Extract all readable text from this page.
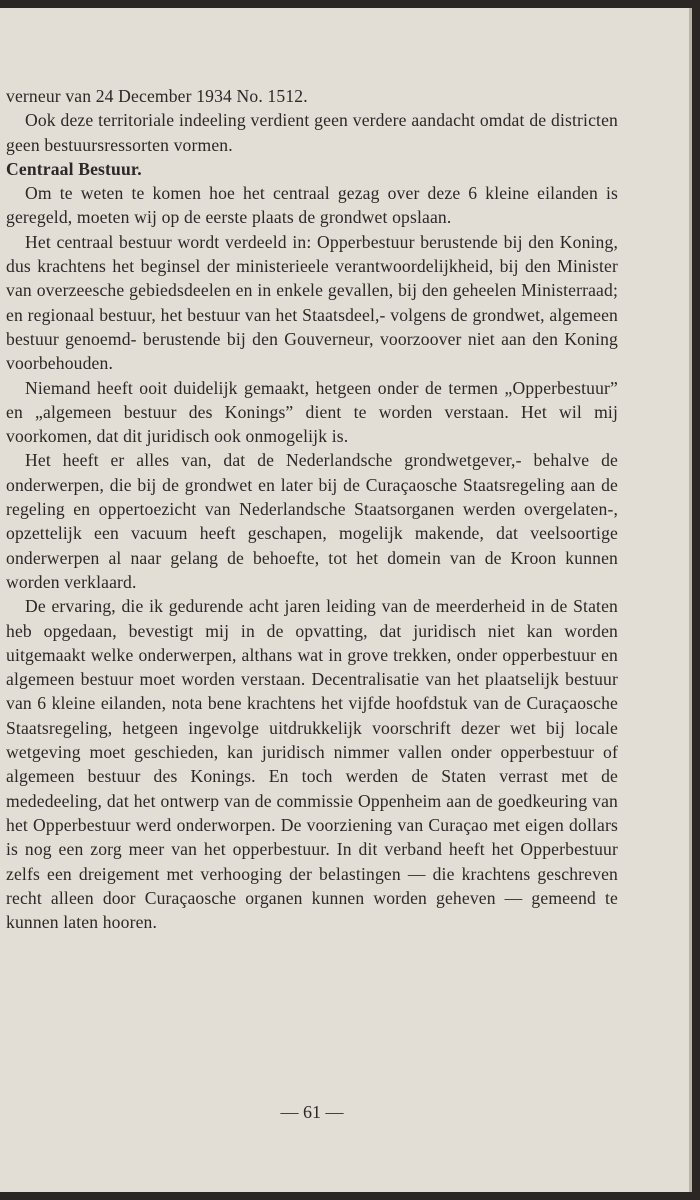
verneur van 24 December 1934 No. 1512.

Ook deze territoriale indeeling verdient geen verdere aandacht omdat de districten geen bestuursressorten vormen.

Centraal Bestuur.

Om te weten te komen hoe het centraal gezag over deze 6 kleine eilanden is geregeld, moeten wij op de eerste plaats de grondwet opslaan.

Het centraal bestuur wordt verdeeld in: Opperbestuur berustende bij den Koning, dus krachtens het beginsel der ministerieele verantwoordelijkheid, bij den Minister van overzeesche gebiedsdeelen en in enkele gevallen, bij den geheelen Ministerraad; en regionaal bestuur, het bestuur van het Staatsdeel,- volgens de grondwet, algemeen bestuur genoemd- berustende bij den Gouverneur, voorzoover niet aan den Koning voorbehouden.

Niemand heeft ooit duidelijk gemaakt, hetgeen onder de termen „Opperbestuur” en „algemeen bestuur des Konings” dient te worden verstaan. Het wil mij voorkomen, dat dit juridisch ook onmogelijk is.

Het heeft er alles van, dat de Nederlandsche grondwetgever,- behalve de onderwerpen, die bij de grondwet en later bij de Curaçaosche Staatsregeling aan de regeling en oppertoezicht van Nederlandsche Staatsorganen werden overgelaten-, opzettelijk een vacuum heeft geschapen, mogelijk makende, dat veelsoortige onderwerpen al naar gelang de behoefte, tot het domein van de Kroon kunnen worden verklaard.

De ervaring, die ik gedurende acht jaren leiding van de meerderheid in de Staten heb opgedaan, bevestigt mij in de opvatting, dat juridisch niet kan worden uitgemaakt welke onderwerpen, althans wat in grove trekken, onder opperbestuur en algemeen bestuur moet worden verstaan. Decentralisatie van het plaatselijk bestuur van 6 kleine eilanden, nota bene krachtens het vijfde hoofdstuk van de Curaçaosche Staatsregeling, hetgeen ingevolge uitdrukkelijk voorschrift dezer wet bij locale wetgeving moet geschieden, kan juridisch nimmer vallen onder opperbestuur of algemeen bestuur des Konings. En toch werden de Staten verrast met de mededeeling, dat het ontwerp van de commissie Oppenheim aan de goedkeuring van het Opperbestuur werd onderworpen. De voorziening van Curaçao met eigen dollars is nog een zorg meer van het opperbestuur. In dit verband heeft het Opperbestuur zelfs een dreigement met verhooging der belastingen — die krachtens geschreven recht alleen door Curaçaosche organen kunnen worden geheven — gemeend te kunnen laten hooren.

— 61 —
